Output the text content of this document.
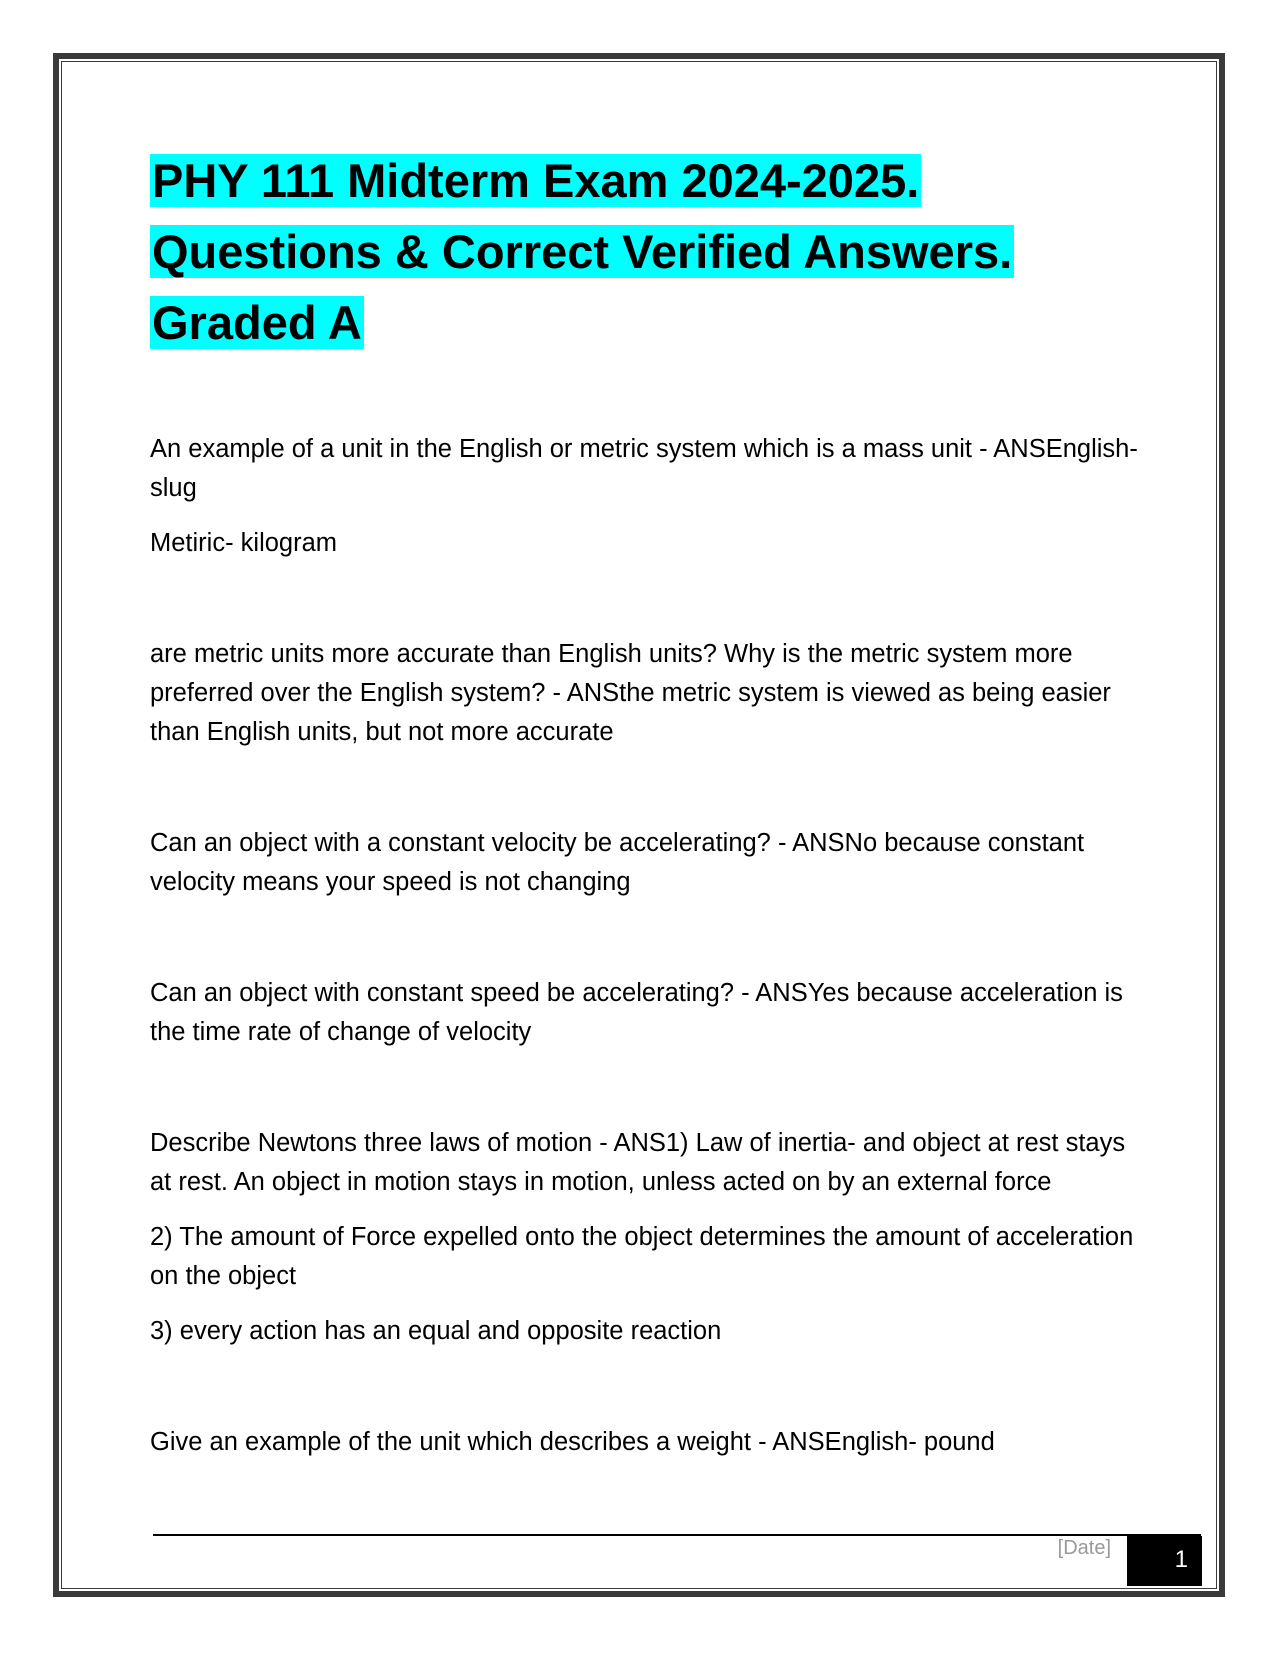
PHY 111 Midterm Exam 2024-2025.
Questions & Correct Verified Answers.
Graded A

An example of a unit in the English or metric system which is a mass unit - ANSEnglish- slug

Metiric- kilogram

are metric units more accurate than English units? Why is the metric system more preferred over the English system? - ANSthe metric system is viewed as being easier than English units, but not more accurate

Can an object with a constant velocity be accelerating? - ANSNo because constant velocity means your speed is not changing

Can an object with constant speed be accelerating? - ANSYes because acceleration is the time rate of change of velocity

Describe Newtons three laws of motion - ANS1) Law of inertia- and object at rest stays at rest. An object in motion stays in motion, unless acted on by an external force

2) The amount of Force expelled onto the object determines the amount of acceleration on the object

3) every action has an equal and opposite reaction

Give an example of the unit which describes a weight - ANSEnglish- pound

[Date]	1
